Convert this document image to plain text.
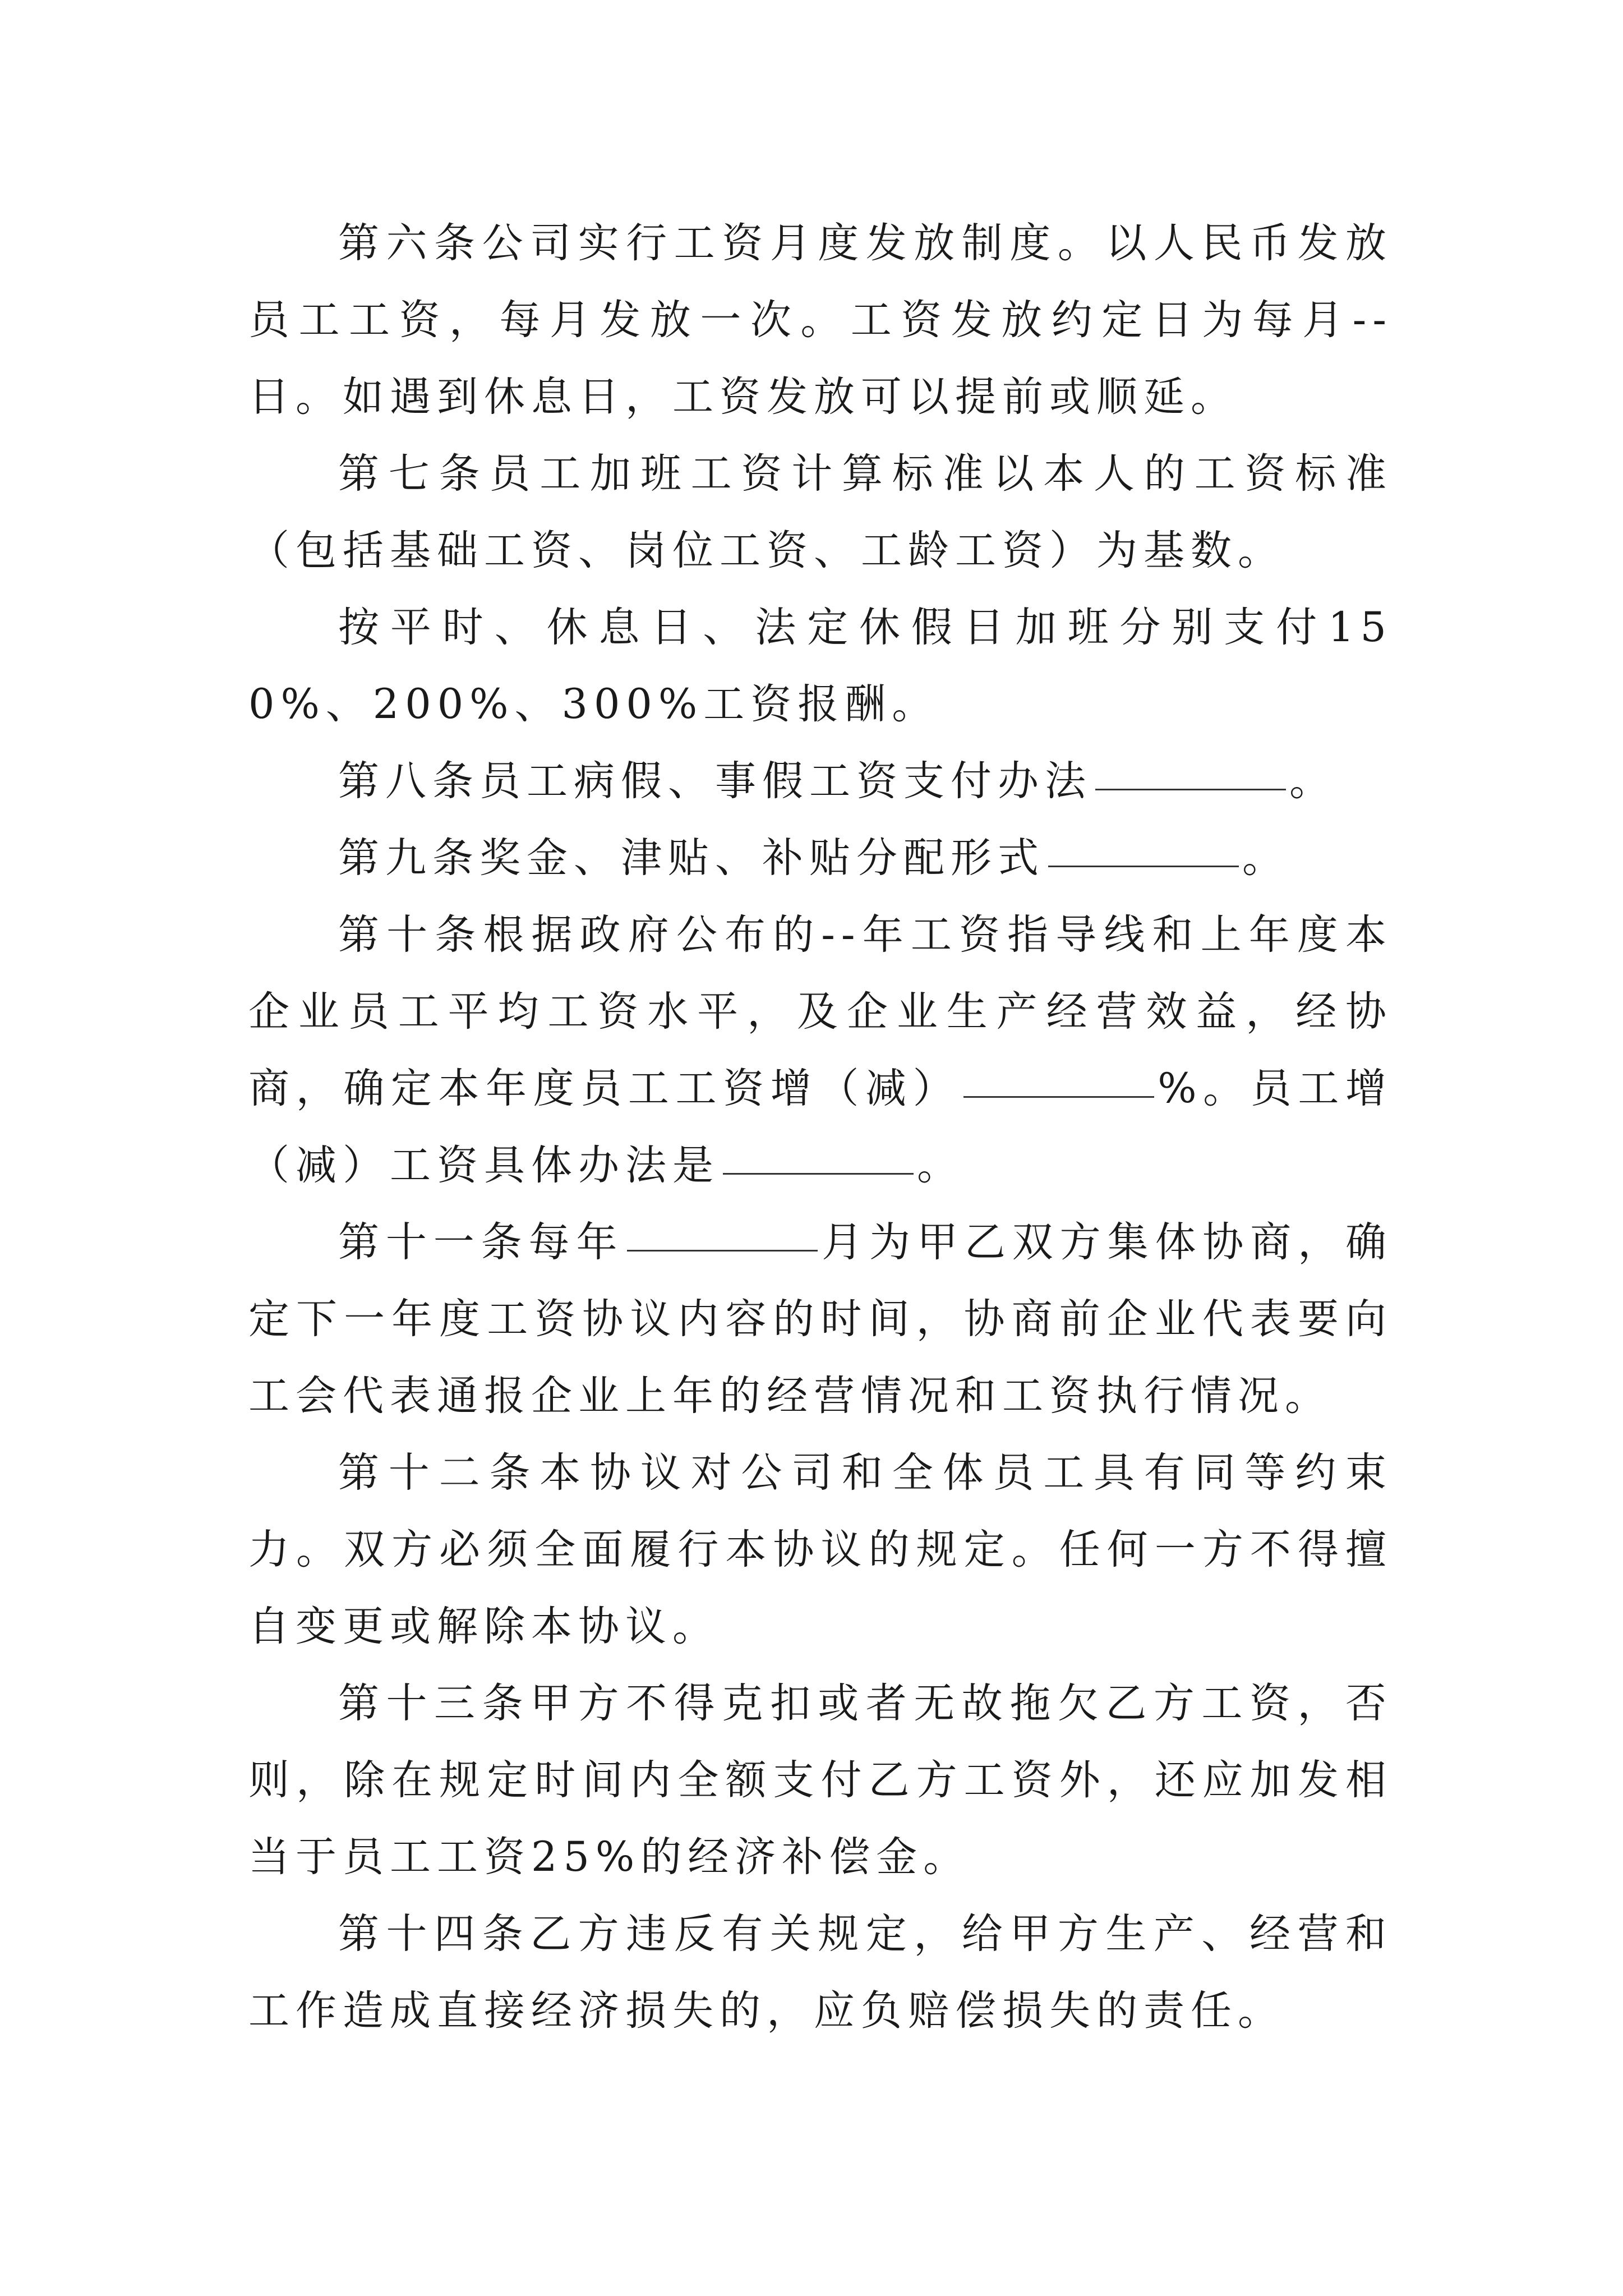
第六条公司实行工资月度发放制度。以人民币发放员工工资，每月发放一次。工资发放约定日为每月--日。如遇到休息日，工资发放可以提前或顺延。

第七条员工加班工资计算标准以本人的工资标准（包括基础工资、岗位工资、工龄工资）为基数。

按平时、休息日、法定休假日加班分别支付150%、200%、300%工资报酬。

第八条员工病假、事假工资支付办法	。

第九条奖金、津贴、补贴分配形式	。

第十条根据政府公布的--年工资指导线和上年度本企业员工平均工资水平，及企业生产经营效益，经协商，确定本年度员工工资增（减）	%。员工增（减）工资具体办法是	。

第十一条每年	月为甲乙双方集体协商，确定下一年度工资协议内容的时间，协商前企业代表要向工会代表通报企业上年的经营情况和工资执行情况。

第十二条本协议对公司和全体员工具有同等约束力。双方必须全面履行本协议的规定。任何一方不得擅自变更或解除本协议。

第十三条甲方不得克扣或者无故拖欠乙方工资，否则，除在规定时间内全额支付乙方工资外，还应加发相当于员工工资25%的经济补偿金。

第十四条乙方违反有关规定，给甲方生产、经营和工作造成直接经济损失的，应负赔偿损失的责任。
